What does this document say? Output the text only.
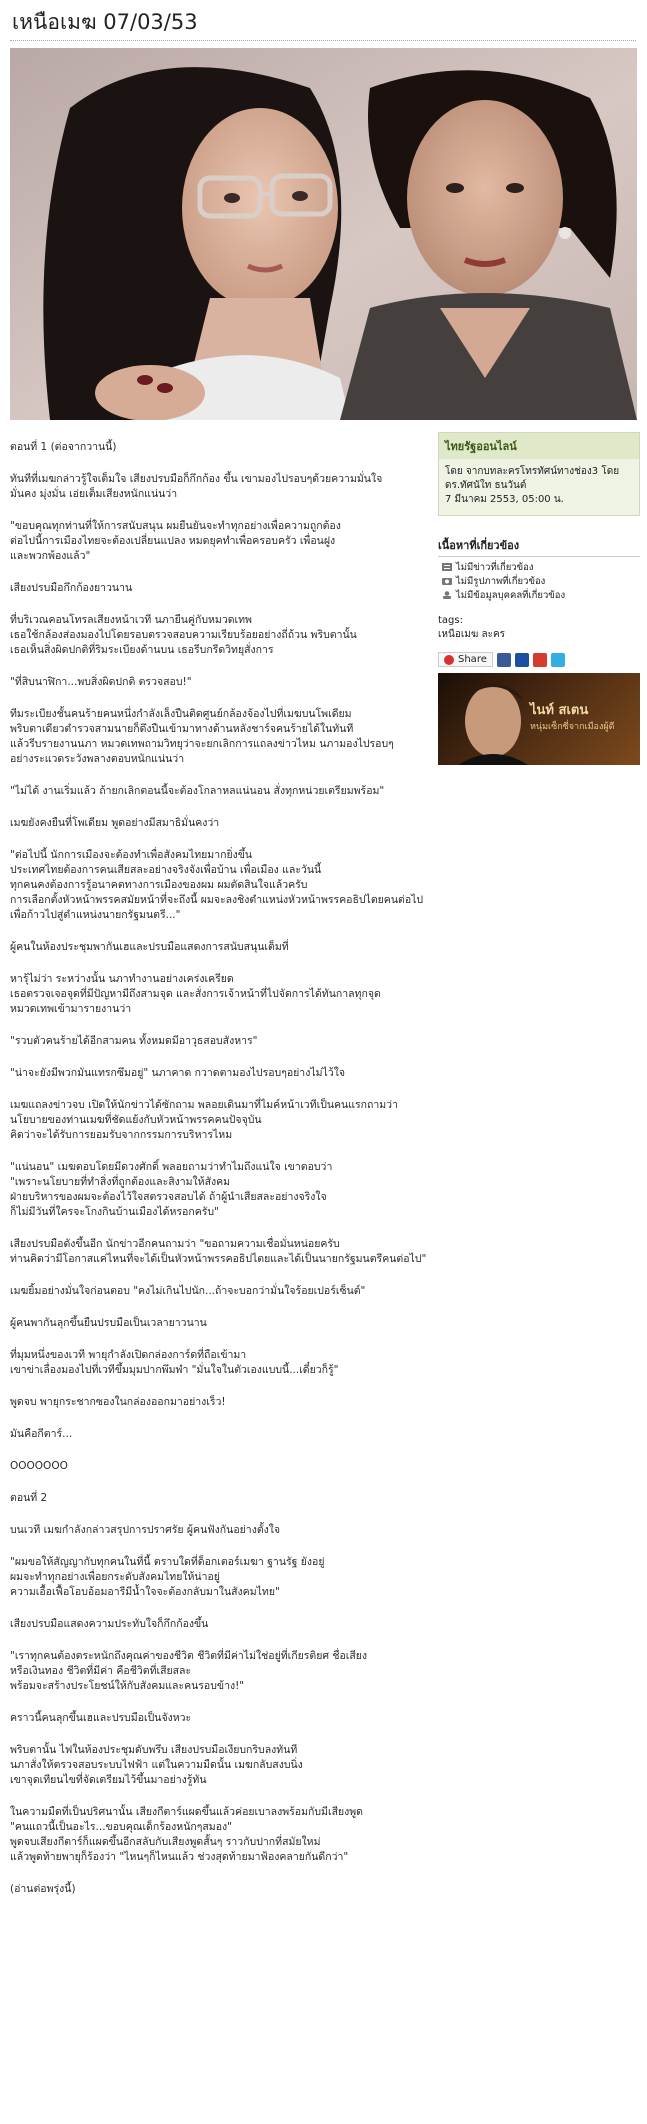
เหนือเมฆ 07/03/53

ตอนที่ 1 (ต่อจากวานนี้)

ทันทีที่เมฆกล่าวรู้ใจเต็มใจ เสียงปรบมือก็กึกก้อง ขึ้น เขามองไปรอบๆด้วยความมั่นใจ
มั่นคง มุ่งมั่น เอ่ยเต็มเสียงหนักแน่นว่า

"ขอบคุณทุกท่านที่ให้การสนับสนุน ผมยืนยันจะทำทุกอย่างเพื่อความถูกต้อง
ต่อไปนี้การเมืองไทยจะต้องเปลี่ยนแปลง หมดยุคทำเพื่อครอบครัว เพื่อนฝูง
และพวกพ้องแล้ว"

เสียงปรบมือกึกก้องยาวนาน

ที่บริเวณคอนโทรลเสียงหน้าเวที นภายืนคู่กับหมวดเทพ
เธอใช้กล้องส่องมองไปโดยรอบตรวจสอบความเรียบร้อยอย่างถี่ถ้วน พริบตานั้น
เธอเห็นสิ่งผิดปกติที่ริมระเบียงด้านบน เธอรีบกรีดวิทยุสั่งการ

"ที่สิบนาฬิกา...พบสิ่งผิดปกติ ตรวจสอบ!"

ทีมระเบียงชั้นคนร้ายคนหนึ่งกำลังเล็งปืนติดศูนย์กล้องจ้องไปที่เมฆบนโพเดียม
พริบตาเดียวตำรวจสามนายก็ดึงปืนเข้ามาทางด้านหลังชาร์จคนร้ายได้ในทันที
แล้วรีบรายงานนภา หมวดเทพถามวิทยุว่าจะยกเลิกการแถลงข่าวไหม นภามองไปรอบๆ
อย่างระแวดระวังพลางตอบหนักแน่นว่า

"ไม่ได้ งานเริ่มแล้ว ถ้ายกเลิกตอนนี้จะต้องโกลาหลแน่นอน สั่งทุกหน่วยเตรียมพร้อม"

เมฆยังคงยืนที่โพเดียม พูดอย่างมีสมาธิมั่นคงว่า

"ต่อไปนี้ นักการเมืองจะต้องทำเพื่อสังคมไทยมากยิ่งขึ้น
ประเทศไทยต้องการคนเสียสละอย่างจริงจังเพื่อบ้าน เพื่อเมือง และวันนี้
ทุกคนคงต้องการรู้อนาคตทางการเมืองของผม ผมตัดสินใจแล้วครับ
การเลือกตั้งหัวหน้าพรรคสมัยหน้าที่จะถึงนี้ ผมจะลงชิงตำแหน่งหัวหน้าพรรคอธิปไตยคนต่อไป
เพื่อก้าวไปสู่ตำแหน่งนายกรัฐมนตรี..."

ผู้คนในห้องประชุมพากันเฮและปรบมือแสดงการสนับสนุนเต็มที่

หารุ้ไม่ว่า ระหว่างนั้น นภาทำงานอย่างเคร่งเครียด
เธอตรวจเจอจุดที่มีปัญหามีถึงสามจุด และสั่งการเจ้าหน้าที่ไปจัดการได้ทันกาลทุกจุด
หมวดเทพเข้ามารายงานว่า

"รวบตัวคนร้ายได้อีกสามคน ทั้งหมดมีอาวุธสอบสังหาร"

"น่าจะยังมีพวกมันแทรกซึมอยู่" นภาคาด กวาดตามองไปรอบๆอย่างไม่ไว้ใจ

เมฆแถลงข่าวจบ เปิดให้นักข่าวได้ซักถาม พลอยเดินมาที่ไมค์หน้าเวทีเป็นคนแรกถามว่า
นโยบายของท่านเมฆที่ชัดแย้งกับหัวหน้าพรรคคนปัจจุบัน
คิดว่าจะได้รับการยอมรับจากกรรมการบริหารไหม

"แน่นอน" เมฆตอบโดยมีดวงศักดิ์ พลอยถามว่าทำไมถึงแน่ใจ เขาตอบว่า
"เพราะนโยบายที่ทำสิ่งที่ถูกต้องและสิงามให้สังคม
ฝ่ายบริหารของผมจะต้องไว้ใจสตรวจสอบได้ ถ้าผู้นำเสียสละอย่างจริงใจ
ก็ไม่มีวันที่ใครจะโกงกินบ้านเมืองได้หรอกครับ"

เสียงปรบมือดังขึ้นอีก นักข่าวอีกคนถามว่า "ขอถามความเชื่อมั่นหน่อยครับ
ท่านคิดว่ามีโอกาสแค่ไหนที่จะได้เป็นหัวหน้าพรรคอธิปไตยและได้เป็นนายกรัฐมนตรีคนต่อไป"

เมฆยิ้มอย่างมั่นใจก่อนตอบ "คงไม่เกินไปนัก...ถ้าจะบอกว่ามั่นใจร้อยเปอร์เซ็นต์"

ผู้คนพากันลุกขึ้นยืนปรบมือเป็นเวลายาวนาน

ที่มุมหนึ่งของเวที พายุกำลังเปิดกล่องการ์ดที่ถือเข้ามา
เขาข่าเลื่องมองไปที่เวทีขึ้มมุมปากพึมพำ "มั่นใจในตัวเองแบบนี้...เดี๋ยวก็รู้"

พูดจบ พายุกระชากซองในกล่องออกมาอย่างเร็ว!

มันคือกีตาร์...

OOOOOOO

ตอนที่ 2

บนเวที เมฆกำลังกล่าวสรุปการปราศรัย ผู้คนฟังกันอย่างตั้งใจ

"ผมขอให้สัญญากับทุกคนในที่นี้ ตราบใดที่ด็อกเตอร์เมฆา ฐานรัฐ ยังอยู่
ผมจะทำทุกอย่างเพื่อยกระดับสังคมไทยให้น่าอยู่
ความเอื้อเฟื้อโอบอ้อมอารีมีน้ำใจจะต้องกลับมาในสังคมไทย"

เสียงปรบมือแสดงความประทับใจก็กึกก้องขึ้น

"เราทุกคนต้องตระหนักถึงคุณค่าของชีวิต ชีวิตที่มีค่าไม่ใช่อยู่ที่เกียรติยศ ชื่อเสียง
หรือเงินทอง ชีวิตที่มีค่า คือชีวิตที่เสียสละ
พร้อมจะสร้างประโยชน์ให้กับสังคมและคนรอบข้าง!"

คราวนี้คนลุกขึ้นเฮและปรบมือเป็นจังหวะ

พริบตานั้น ไฟในห้องประชุมดับพรึบ เสียงปรบมือเงียบกริบลงทันที
นภาสั่งให้ตรวจสอบระบบไฟฟ้า แต่ในความมืดนั้น เมฆกลับสงบนิ่ง
เขาจุดเทียนไขที่จัดเตรียมไว้ขึ้นมาอย่างรู้ทัน

ในความมืดที่เป็นปริศนานั้น เสียงกีตาร์แผดขึ้นแล้วค่อยเบาลงพร้อมกับมีเสียงพูด
"คนแถวนี้เป็นอะไร...ขอบคุณเด็กร้องหนักๆสมอง"
พูดจบเสียงกีตาร์ก็แผดขึ้นอีกสลับกับเสียงพูดสั้นๆ ราวกับปากที่สมัยใหม่
แล้วพูดท้ายพายุก็ร้องว่า "ไหนๆก็ไหนแล้ว ช่วงสุดท้ายมาฟ้องคลายกันดีกว่า"

(อ่านต่อพรุ่งนี้)

ไทยรัฐออนไลน์
โดย จากบทละครโทรทัศน์ทางช่อง3 โดย ดร.ทัศนัใท ธนวันต์
7 มีนาคม 2553, 05:00 น.
เนื้อหาที่เกี่ยวข้อง
ไม่มีข่าวที่เกี่ยวข้อง
ไม่มีรูปภาพที่เกี่ยวข้อง
ไม่มีข้อมูลบุคคลที่เกี่ยวข้อง
tags:
เหนือเมฆ ละคร
Share
ไนท์ สเตน
หนุ่มเซ็กซี่จากเมืองผู้ดี
